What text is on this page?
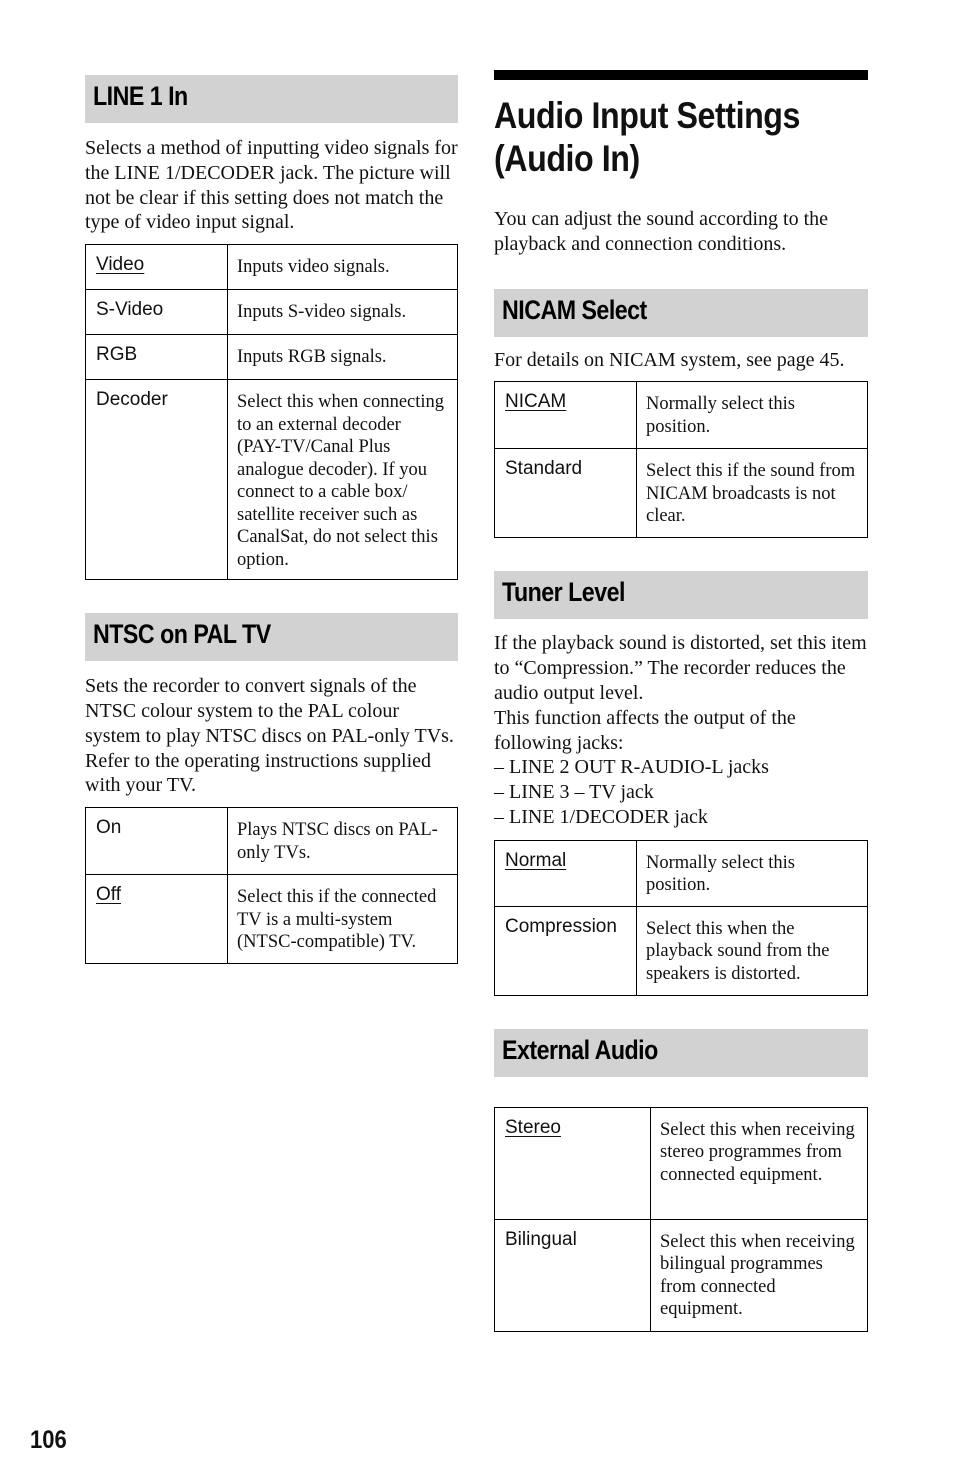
LINE 1 In

Selects a method of inputting video signals for the LINE 1/DECODER jack. The picture will not be clear if this setting does not match the type of video input signal.

Video	Inputs video signals.
S-Video	Inputs S-video signals.
RGB	Inputs RGB signals.
Decoder	Select this when connecting to an external decoder (PAY-TV/Canal Plus analogue decoder). If you connect to a cable box/ satellite receiver such as CanalSat, do not select this option.
NTSC on PAL TV

Sets the recorder to convert signals of the NTSC colour system to the PAL colour system to play NTSC discs on PAL-only TVs. Refer to the operating instructions supplied with your TV.

On	Plays NTSC discs on PAL-only TVs.
Off	Select this if the connected TV is a multi-system (NTSC-compatible) TV.
Audio Input Settings
(Audio In)

You can adjust the sound according to the playback and connection conditions.

NICAM Select

For details on NICAM system, see page 45.

NICAM	Normally select this position.
Standard	Select this if the sound from NICAM broadcasts is not clear.
Tuner Level

If the playback sound is distorted, set this item to “Compression.” The recorder reduces the audio output level.

This function affects the output of the following jacks:

– LINE 2 OUT R-AUDIO-L jacks

– LINE 3 – TV jack

– LINE 1/DECODER jack

Normal	Normally select this position.
Compression	Select this when the playback sound from the speakers is distorted.
External Audio
Stereo	Select this when receiving stereo programmes from connected equipment.
Bilingual	Select this when receiving bilingual programmes from connected equipment.
106
